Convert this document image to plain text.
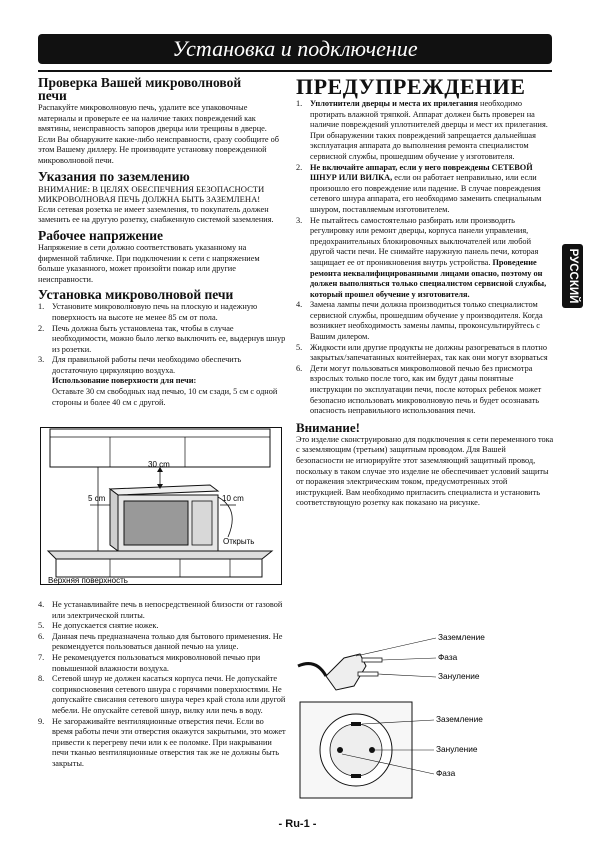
Установка и подключение
РУССКИЙ
Проверка Вашей микроволновой печи

Распакуйте микроволновую печь, удалите все упаковочные материалы и проверьте ее на наличие таких повреждений как вмятины, неисправность запоров дверцы или трещины в дверце. Если Вы обнаружите какие-либо неисправности, сразу сообщите об этом Вашему диллеру. Не производите установку поврежденной микроволновой печи.

Указания по заземлению

ВНИМАНИЕ: В ЦЕЛЯХ ОБЕСПЕЧЕНИЯ БЕЗОПАСНОСТИ МИКРОВОЛНОВАЯ ПЕЧЬ ДОЛЖНА БЫТЬ ЗАЗЕМЛЕНА!

Если сетевая розетка не имеет заземления, то покупатель должен заменить ее на другую розетку, снабженную системой заземления.

Рабочее напряжение

Напряжение в сети должно соответствовать указанному на фирменной табличке. При подключении к сети с напряжением больше указанного, может произойти пожар или другие неисправности.

Установка микроволновой печи
1. Установите микроволновую печь на плоскую и надежную поверхность на высоте не менее 85 см от пола.
2. Печь должна быть установлена так, чтобы в случае необходимости, можно было легко выключить ее, выдернув шнур из розетки.
3. Для правильной работы печи необходимо обеспечить достаточную циркуляцию воздуха.

Использование поверхности для печи:

Оставьте 30 см свободных над печью, 10 см сзади, 5 см с одной стороны и более 40 см с другой.

30 cm
5 cm	10 cm
Открыть
Верхняя поверхность
4. Не устанавливайте печь в непосредственной близости от газовой или электрической плиты.
5. Не допускается снятие ножек.
6. Данная печь предназначена только для бытового применения. Не рекомендуется пользоваться данной печью на улице.
7. Не рекомендуется пользоваться микроволновой печью при повышенной влажности воздуха.
8. Сетевой шнур не должен касаться корпуса печи. Не допускайте соприкосновения сетевого шнура с горячими поверхностями. Не допускайте свисания сетевого шнура через край стола или другой мебели. Не опускайте сетевой шнур, вилку или печь в воду.
9. Не загораживайте вентиляционные отверстия печи. Если во время работы печи эти отверстия окажутся закрытыми, это может привести к перегреву печи или к ее поломке. При накрывании печи тканью вентиляционные отверстия так же не должны быть закрыты.
ПРЕДУПРЕЖДЕНИЕ
1. Уплотнители дверцы и места их прилегания необходимо протирать влажной тряпкой. Аппарат должен быть проверен на наличие повреждений уплотнителей дверцы и мест их прилегания. При обнаружении таких повреждений запрещается дальнейшая эксплуатация аппарата до выполнения ремонта специалистом сервисной службы, прошедшим обучение у изготовителя.
2. Не включайте аппарат, если у него повреждены СЕТЕВОЙ ШНУР ИЛИ ВИЛКА, если он работает неправильно, или если произошло его повреждение или падение. В случае повреждения сетевого шнура аппарата, его необходимо заменить специальным шнуром, поставляемым изготовителем.
3. Не пытайтесь самостоятельно разбирать или производить регулировку или ремонт дверцы, корпуса панели управления, предохранительных блокировочных выключателей или любой другой части печи. Не снимайте наружную панель печи, которая защищает ее от проникновения внутрь устройства. Проведение ремонта неквалифицированными лицами опасно, поэтому он должен выполняться только специалистом сервисной службы, который прошел обучение у изготовителя.
4. Замена лампы печи должна производиться только специалистом сервисной службы, прошедшим обучение у производителя. Когда возникнет необходимость замены лампы, проконсультируйтесь с Вашим дилером.
5. Жидкости или другие продукты не должны разогреваться в плотно закрытых/запечатанных контейнерах, так как они могут взорваться
6. Дети могут пользоваться микроволновой печью без присмотра взрослых только после того, как им будут даны понятные инструкции по эксплуатации печи, после которых ребенок может безопасно использовать микроволновую печь и будет осознавать опасность неправильного использования печи.
Внимание!

Это изделие сконструировано для подключения к сети переменного тока с заземляющим (третьим) защитным проводом. Для Вашей безопасности не игнорируйте этот заземляющий защитный провод, поскольку в таком случае это изделие не обеспечивает условий защиты от поражения электрическим током, предусмотренных этой инструкцией. Вам необходимо пригласить специалиста и установить соответствующую розетку как показано на рисунке.

Заземление
Фаза
Зануление
Заземление
Зануление
Фаза
- Ru-1 -
